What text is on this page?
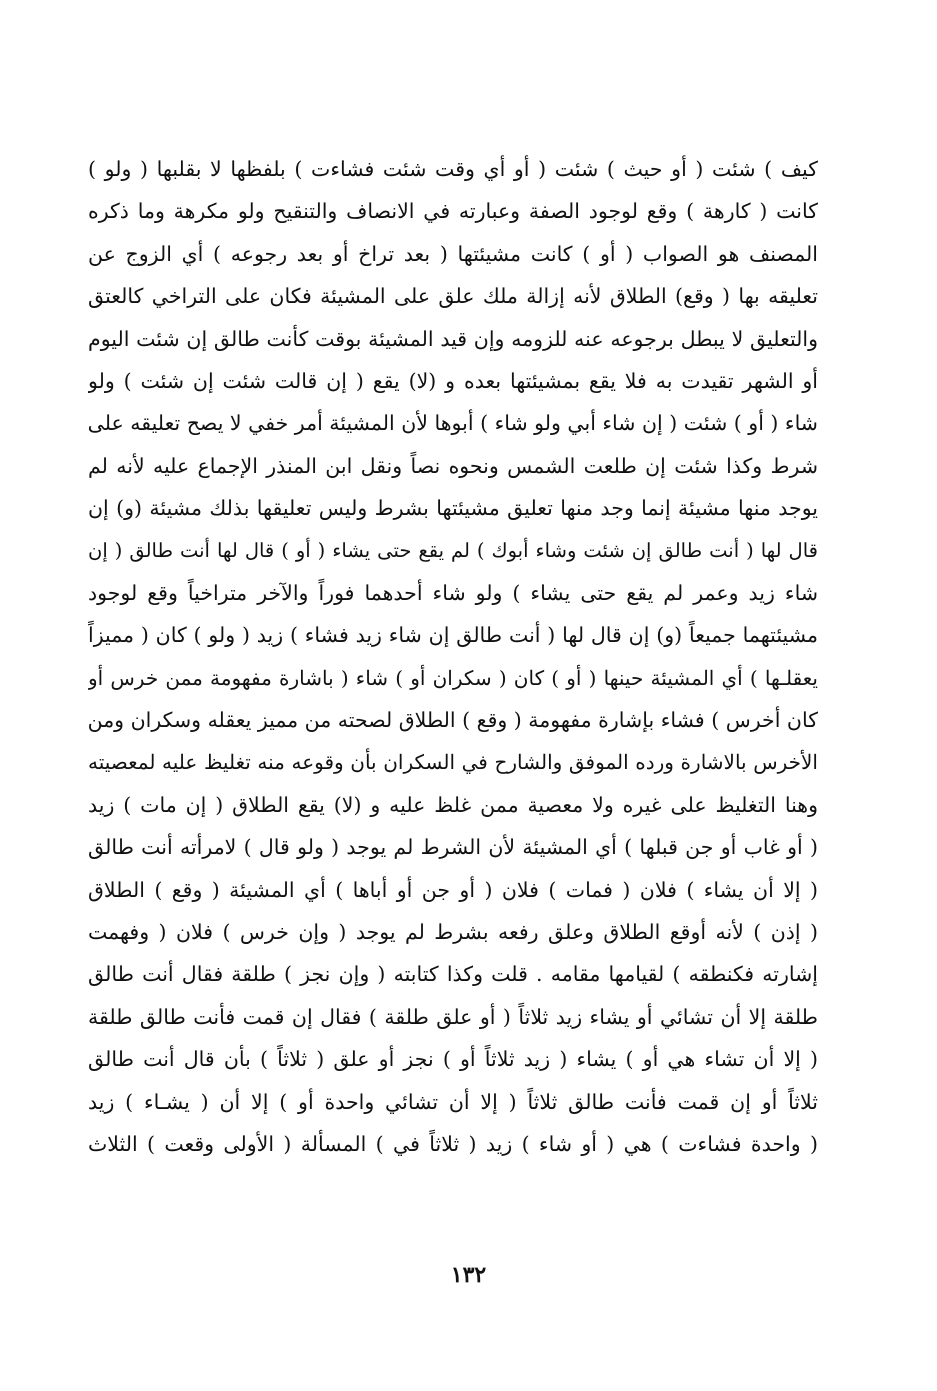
كيف ) شئت ( أو حيث ) شئت ( أو أي وقت شئت فشاءت ) بلفظها لا بقلبها ( ولو )
كانت ( كارهة ) وقع لوجود الصفة وعبارته في الانصاف والتنقيح ولو مكرهة وما ذكره
المصنف هو الصواب ( أو ) كانت مشيئتها ( بعد تراخ أو بعد رجوعه ) أي الزوج عن
تعليقه بها ( وقع) الطلاق لأنه إزالة ملك علق على المشيئة فكان على التراخي كالعتق
والتعليق لا يبطل برجوعه عنه للزومه وإن قيد المشيئة بوقت كأنت طالق إن شئت اليوم
أو الشهر تقيدت به فلا يقع بمشيئتها بعده و (لا) يقع ( إن قالت شئت إن شئت ) ولو
شاء ( أو ) شئت ( إن شاء أبي ولو شاء ) أبوها لأن المشيئة أمر خفي لا يصح تعليقه على
شرط وكذا شئت إن طلعت الشمس ونحوه نصاً ونقل ابن المنذر الإجماع عليه لأنه لم
يوجد منها مشيئة إنما وجد منها تعليق مشيئتها بشرط وليس تعليقها بذلك مشيئة (و) إن
قال لها ( أنت طالق إن شئت وشاء أبوك ) لم يقع حتى يشاء ( أو ) قال لها أنت طالق ( إن
شاء زيد وعمر لم يقع حتى يشاء ) ولو شاء أحدهما فوراً والآخر متراخياً وقع لوجود
مشيئتهما جميعاً (و) إن قال لها ( أنت طالق إن شاء زيد فشاء ) زيد ( ولو ) كان ( مميزاً
يعقلـها ) أي المشيئة حينها ( أو ) كان ( سكران أو ) شاء ( باشارة مفهومة ممن خرس أو
كان أخرس ) فشاء بإشارة مفهومة ( وقع ) الطلاق لصحته من مميز يعقله وسكران ومن
الأخرس بالاشارة ورده الموفق والشارح في السكران بأن وقوعه منه تغليظ عليه لمعصيته
وهنا التغليظ على غيره ولا معصية ممن غلظ عليه و (لا) يقع الطلاق ( إن مات ) زيد
( أو غاب أو جن قبلها ) أي المشيئة لأن الشرط لم يوجد ( ولو قال ) لامرأته أنت طالق
( إلا أن يشاء ) فلان ( فمات ) فلان ( أو جن أو أباها ) أي المشيئة ( وقع ) الطلاق
( إذن ) لأنه أوقع الطلاق وعلق رفعه بشرط لم يوجد ( وإن خرس ) فلان ( وفهمت
إشارته فكنطقه ) لقيامها مقامه . قلت وكذا كتابته ( وإن نجز ) طلقة فقال أنت طالق
طلقة إلا أن تشائي أو يشاء زيد ثلاثاً ( أو علق طلقة ) فقال إن قمت فأنت طالق طلقة
( إلا أن تشاء هي أو ) يشاء ( زيد ثلاثاً أو ) نجز أو علق ( ثلاثاً ) بأن قال أنت طالق
ثلاثاً أو إن قمت فأنت طالق ثلاثاً ( إلا أن تشائي واحدة أو ) إلا أن ( يشـاء ) زيد
( واحدة فشاءت ) هي ( أو شاء ) زيد ( ثلاثاً في ) المسألة ( الأولى وقعت ) الثلاث
١٣٢
